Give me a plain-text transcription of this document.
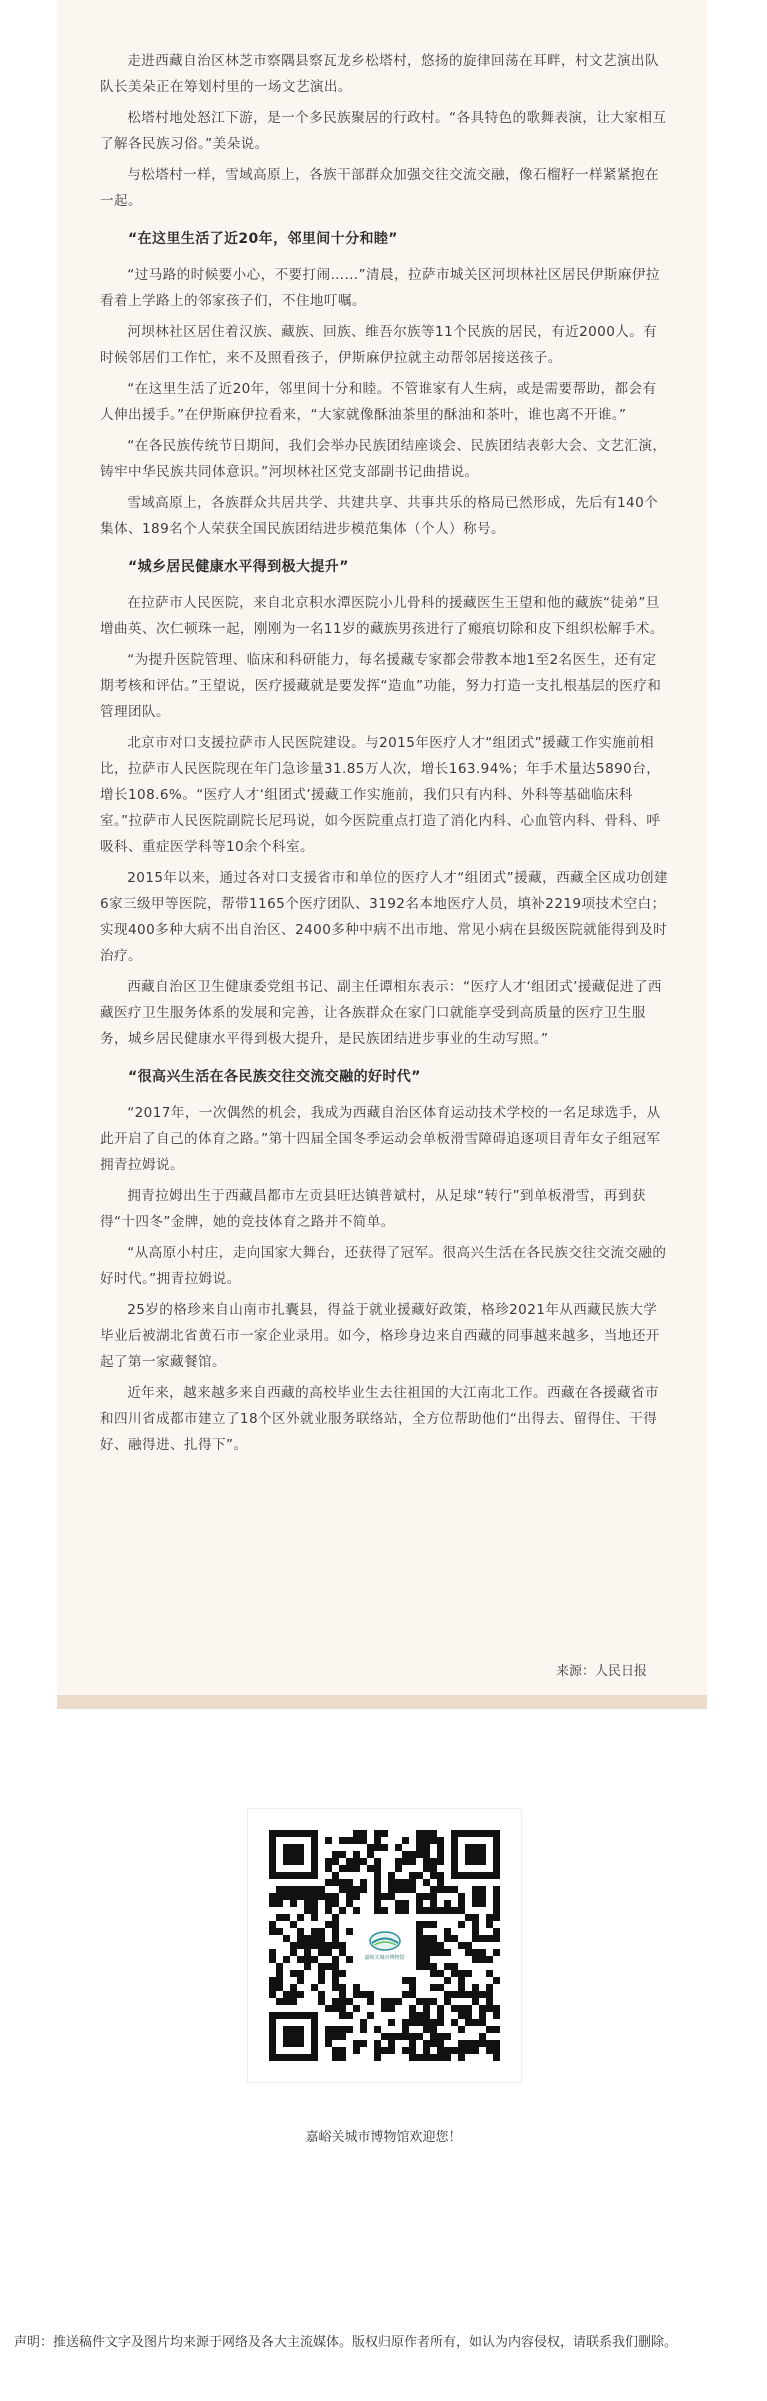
走进西藏自治区林芝市察隅县察瓦龙乡松塔村，悠扬的旋律回荡在耳畔，村文艺演出队队长美朵正在筹划村里的一场文艺演出。

松塔村地处怒江下游，是一个多民族聚居的行政村。“各具特色的歌舞表演，让大家相互了解各民族习俗。”美朵说。

与松塔村一样，雪域高原上，各族干部群众加强交往交流交融，像石榴籽一样紧紧抱在一起。

“在这里生活了近20年，邻里间十分和睦”

“过马路的时候要小心，不要打闹……”清晨，拉萨市城关区河坝林社区居民伊斯麻伊拉看着上学路上的邻家孩子们，不住地叮嘱。

河坝林社区居住着汉族、藏族、回族、维吾尔族等11个民族的居民，有近2000人。有时候邻居们工作忙，来不及照看孩子，伊斯麻伊拉就主动帮邻居接送孩子。

“在这里生活了近20年，邻里间十分和睦。不管谁家有人生病，或是需要帮助，都会有人伸出援手。”在伊斯麻伊拉看来，“大家就像酥油茶里的酥油和茶叶，谁也离不开谁。”

“在各民族传统节日期间，我们会举办民族团结座谈会、民族团结表彰大会、文艺汇演，铸牢中华民族共同体意识。”河坝林社区党支部副书记曲措说。

雪域高原上，各族群众共居共学、共建共享、共事共乐的格局已然形成，先后有140个集体、189名个人荣获全国民族团结进步模范集体（个人）称号。

“城乡居民健康水平得到极大提升”

在拉萨市人民医院，来自北京积水潭医院小儿骨科的援藏医生王望和他的藏族“徒弟”旦增曲英、次仁顿珠一起，刚刚为一名11岁的藏族男孩进行了瘢痕切除和皮下组织松解手术。

“为提升医院管理、临床和科研能力，每名援藏专家都会带教本地1至2名医生，还有定期考核和评估。”王望说，医疗援藏就是要发挥“造血”功能，努力打造一支扎根基层的医疗和管理团队。

北京市对口支援拉萨市人民医院建设。与2015年医疗人才“组团式”援藏工作实施前相比，拉萨市人民医院现在年门急诊量31.85万人次，增长163.94%；年手术量达5890台，增长108.6%。“医疗人才‘组团式’援藏工作实施前，我们只有内科、外科等基础临床科室。”拉萨市人民医院副院长尼玛说，如今医院重点打造了消化内科、心血管内科、骨科、呼吸科、重症医学科等10余个科室。

2015年以来，通过各对口支援省市和单位的医疗人才“组团式”援藏，西藏全区成功创建6家三级甲等医院，帮带1165个医疗团队、3192名本地医疗人员，填补2219项技术空白；实现400多种大病不出自治区、2400多种中病不出市地、常见小病在县级医院就能得到及时治疗。

西藏自治区卫生健康委党组书记、副主任谭相东表示：“医疗人才‘组团式’援藏促进了西藏医疗卫生服务体系的发展和完善，让各族群众在家门口就能享受到高质量的医疗卫生服务，城乡居民健康水平得到极大提升，是民族团结进步事业的生动写照。”

“很高兴生活在各民族交往交流交融的好时代”

“2017年，一次偶然的机会，我成为西藏自治区体育运动技术学校的一名足球选手，从此开启了自己的体育之路。”第十四届全国冬季运动会单板滑雪障碍追逐项目青年女子组冠军拥青拉姆说。

拥青拉姆出生于西藏昌都市左贡县旺达镇普斌村，从足球“转行”到单板滑雪，再到获得“十四冬”金牌，她的竞技体育之路并不简单。

“从高原小村庄，走向国家大舞台，还获得了冠军。很高兴生活在各民族交往交流交融的好时代。”拥青拉姆说。

25岁的格珍来自山南市扎囊县，得益于就业援藏好政策，格珍2021年从西藏民族大学毕业后被湖北省黄石市一家企业录用。如今，格珍身边来自西藏的同事越来越多，当地还开起了第一家藏餐馆。

近年来，越来越多来自西藏的高校毕业生去往祖国的大江南北工作。西藏在各援藏省市和四川省成都市建立了18个区外就业服务联络站，全方位帮助他们“出得去、留得住、干得好、融得进、扎得下”。

来源：人民日报
嘉峪关城市博物馆
嘉峪关城市博物馆欢迎您！
声明：推送稿件文字及图片均来源于网络及各大主流媒体。版权归原作者所有，如认为内容侵权，请联系我们删除。
